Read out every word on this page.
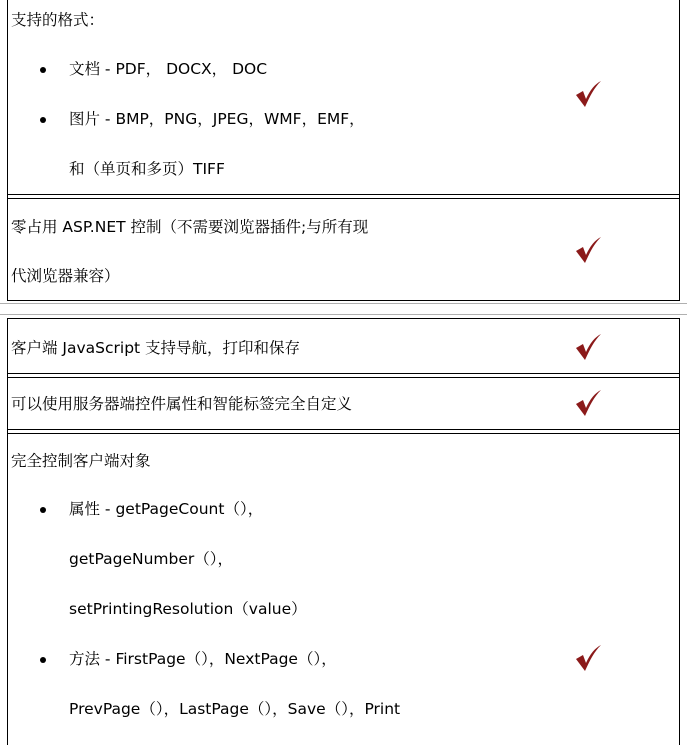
支持的格式：
文档 - PDF， DOCX， DOC
图片 - BMP，PNG，JPEG，WMF，EMF，
和（单页和多页）TIFF
零占用 ASP.NET 控制（不需要浏览器插件;与所有现
代浏览器兼容）
客户端 JavaScript 支持导航，打印和保存
可以使用服务器端控件属性和智能标签完全自定义
完全控制客户端对象
属性 - getPageCount（），
getPageNumber（），
setPrintingResolution（value）
方法 - FirstPage（），NextPage（），
PrevPage（），LastPage（），Save（），Print
